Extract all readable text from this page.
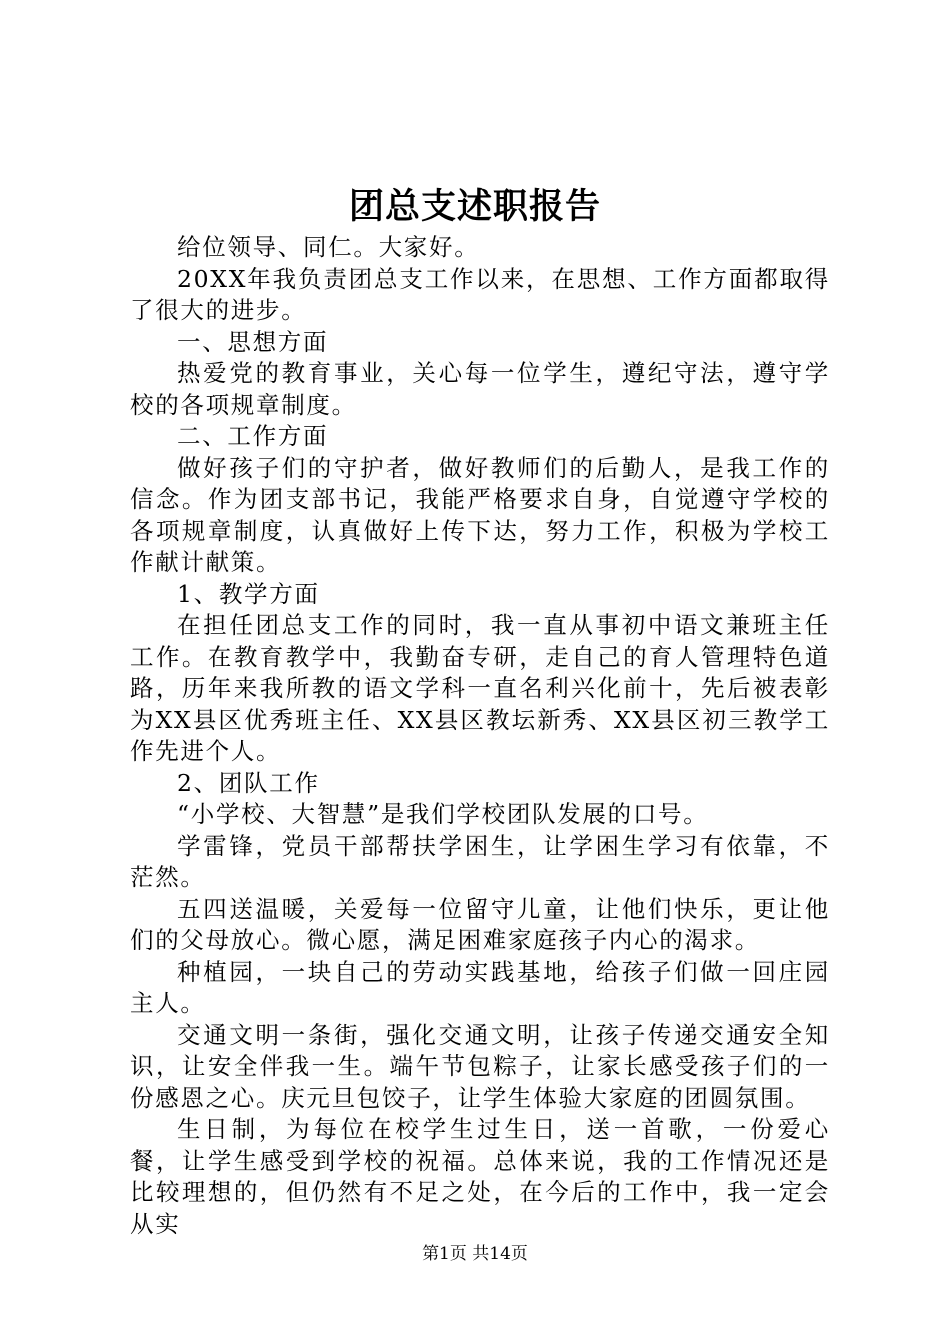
团总支述职报告

给位领导、同仁。大家好。

20XX年我负责团总支工作以来，在思想、工作方面都取得了很大的进步。

一、思想方面

热爱党的教育事业，关心每一位学生，遵纪守法，遵守学校的各项规章制度。

二、工作方面

做好孩子们的守护者，做好教师们的后勤人，是我工作的信念。作为团支部书记，我能严格要求自身，自觉遵守学校的各项规章制度，认真做好上传下达，努力工作，积极为学校工作献计献策。

1、教学方面

在担任团总支工作的同时，我一直从事初中语文兼班主任工作。在教育教学中，我勤奋专研，走自己的育人管理特色道路，历年来我所教的语文学科一直名利兴化前十，先后被表彰为XX县区优秀班主任、XX县区教坛新秀、XX县区初三教学工作先进个人。

2、团队工作

“小学校、大智慧”是我们学校团队发展的口号。

学雷锋，党员干部帮扶学困生，让学困生学习有依靠，不茫然。

五四送温暖，关爱每一位留守儿童，让他们快乐，更让他们的父母放心。微心愿，满足困难家庭孩子内心的渴求。

种植园，一块自己的劳动实践基地，给孩子们做一回庄园主人。

交通文明一条街，强化交通文明，让孩子传递交通安全知识，让安全伴我一生。端午节包粽子，让家长感受孩子们的一份感恩之心。庆元旦包饺子，让学生体验大家庭的团圆氛围。

生日制，为每位在校学生过生日，送一首歌，一份爱心餐，让学生感受到学校的祝福。总体来说，我的工作情况还是比较理想的，但仍然有不足之处，在今后的工作中，我一定会从实

第1页 共14页
